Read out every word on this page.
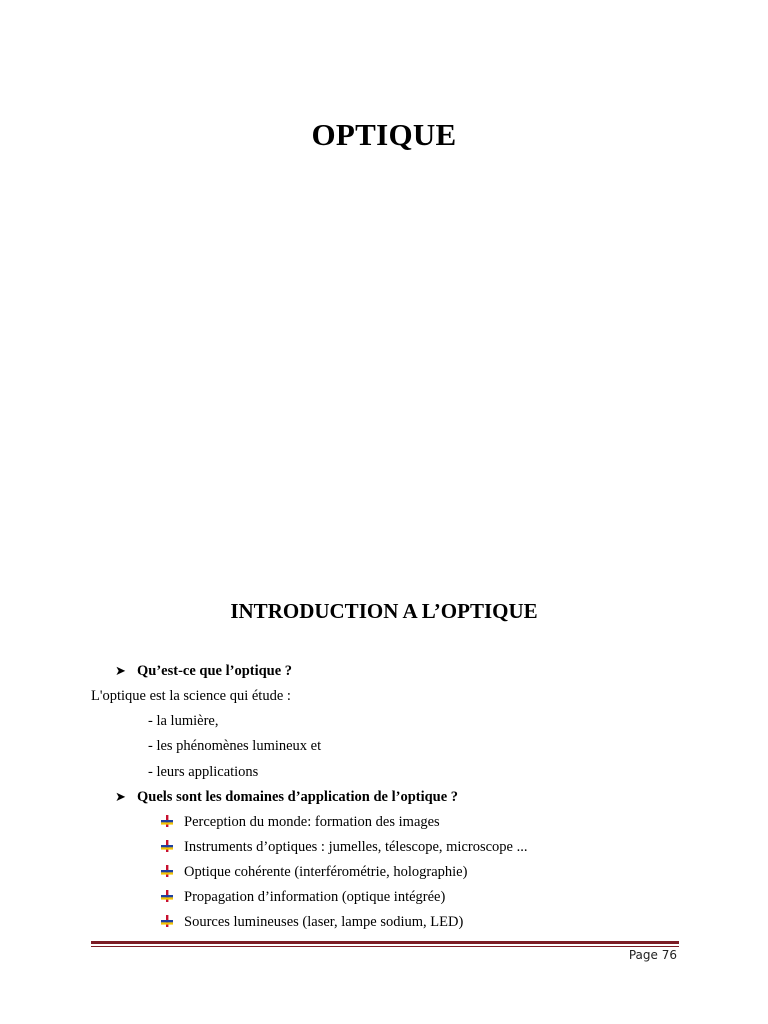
OPTIQUE
INTRODUCTION A L’OPTIQUE
➤ Qu’est-ce que l’optique ?
L'optique est la science qui étude :
- la lumière,
- les phénomènes lumineux et
- leurs applications
➤ Quels sont les domaines d’application de l’optique ?
Perception du monde: formation des images
Instruments d’optiques : jumelles, télescope, microscope ...
Optique cohérente (interférométrie, holographie)
Propagation d’information (optique intégrée)
Sources lumineuses (laser, lampe sodium, LED)
Page 76
